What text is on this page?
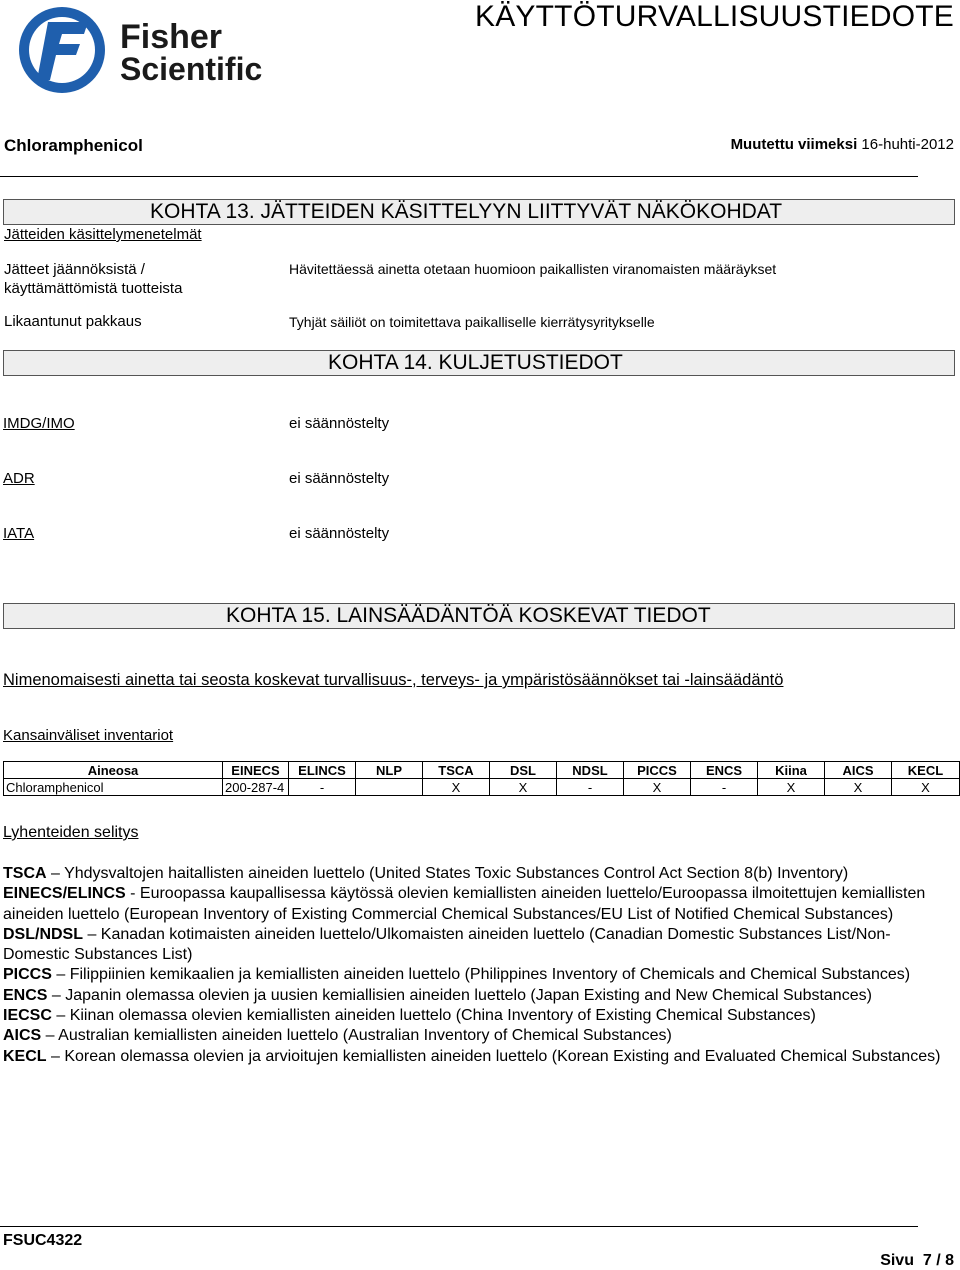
Fisher
Scientific
KÄYTTÖTURVALLISUUSTIEDOTE
Chloramphenicol	Muutettu viimeksi 16-huhti-2012
KOHTA 13. JÄTTEIDEN KÄSITTELYYN LIITTYVÄT NÄKÖKOHDAT
Jätteiden käsittelymenetelmät
Jätteet jäännöksistä /
käyttämättömistä tuotteista
Hävitettäessä ainetta otetaan huomioon paikallisten viranomaisten määräykset
Likaantunut pakkaus	Tyhjät säiliöt on toimitettava paikalliselle kierrätysyritykselle
KOHTA 14. KULJETUSTIEDOT
IMDG/IMO	ei säännöstelty
ADR	ei säännöstelty
IATA	ei säännöstelty
KOHTA 15. LAINSÄÄDÄNTÖÄ KOSKEVAT TIEDOT
Nimenomaisesti ainetta tai seosta koskevat turvallisuus-, terveys- ja ympäristösäännökset tai -lainsäädäntö
Kansainväliset inventariot
Aineosa	EINECS	ELINCS	NLP	TSCA	DSL	NDSL	PICCS	ENCS	Kiina	AICS	KECL
Chloramphenicol	200-287-4	-		X	X	-	X	-	X	X	X
Lyhenteiden selitys

TSCA – Yhdysvaltojen haitallisten aineiden luettelo (United States Toxic Substances Control Act Section 8(b) Inventory)

EINECS/ELINCS - Euroopassa kaupallisessa käytössä olevien kemiallisten aineiden luettelo/Euroopassa ilmoitettujen kemiallisten aineiden luettelo (European Inventory of Existing Commercial Chemical Substances/EU List of Notified Chemical Substances)

DSL/NDSL – Kanadan kotimaisten aineiden luettelo/Ulkomaisten aineiden luettelo (Canadian Domestic Substances List/Non-Domestic Substances List)

PICCS – Filippiinien kemikaalien ja kemiallisten aineiden luettelo (Philippines Inventory of Chemicals and Chemical Substances)

ENCS – Japanin olemassa olevien ja uusien kemiallisien aineiden luettelo (Japan Existing and New Chemical Substances)

IECSC – Kiinan olemassa olevien kemiallisten aineiden luettelo (China Inventory of Existing Chemical Substances)

AICS – Australian kemiallisten aineiden luettelo (Australian Inventory of Chemical Substances)

KECL – Korean olemassa olevien ja arvioitujen kemiallisten aineiden luettelo (Korean Existing and Evaluated Chemical Substances)

FSUC4322
Sivu  7 / 8
